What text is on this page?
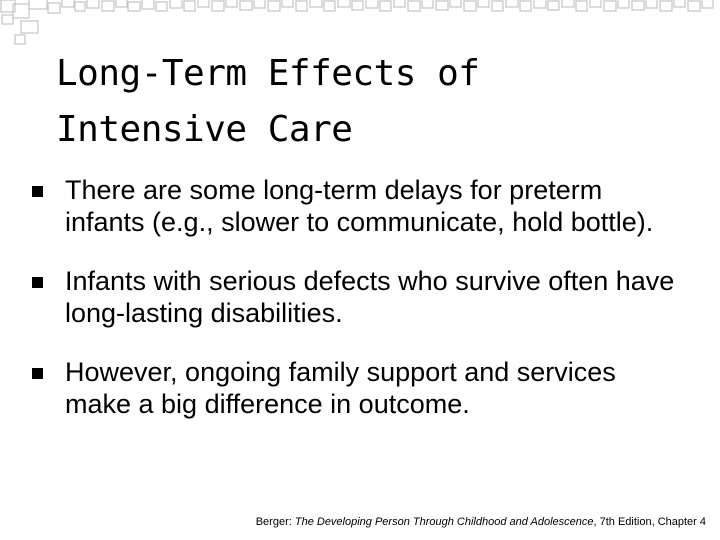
Long-Term Effects of
Intensive Care
There are some long-term delays for preterm infants (e.g., slower to communicate, hold bottle).
Infants with serious defects who survive often have long-lasting disabilities.
However, ongoing family support and services make a big difference in outcome.
Berger: The Developing Person Through Childhood and Adolescence, 7th Edition, Chapter 4
